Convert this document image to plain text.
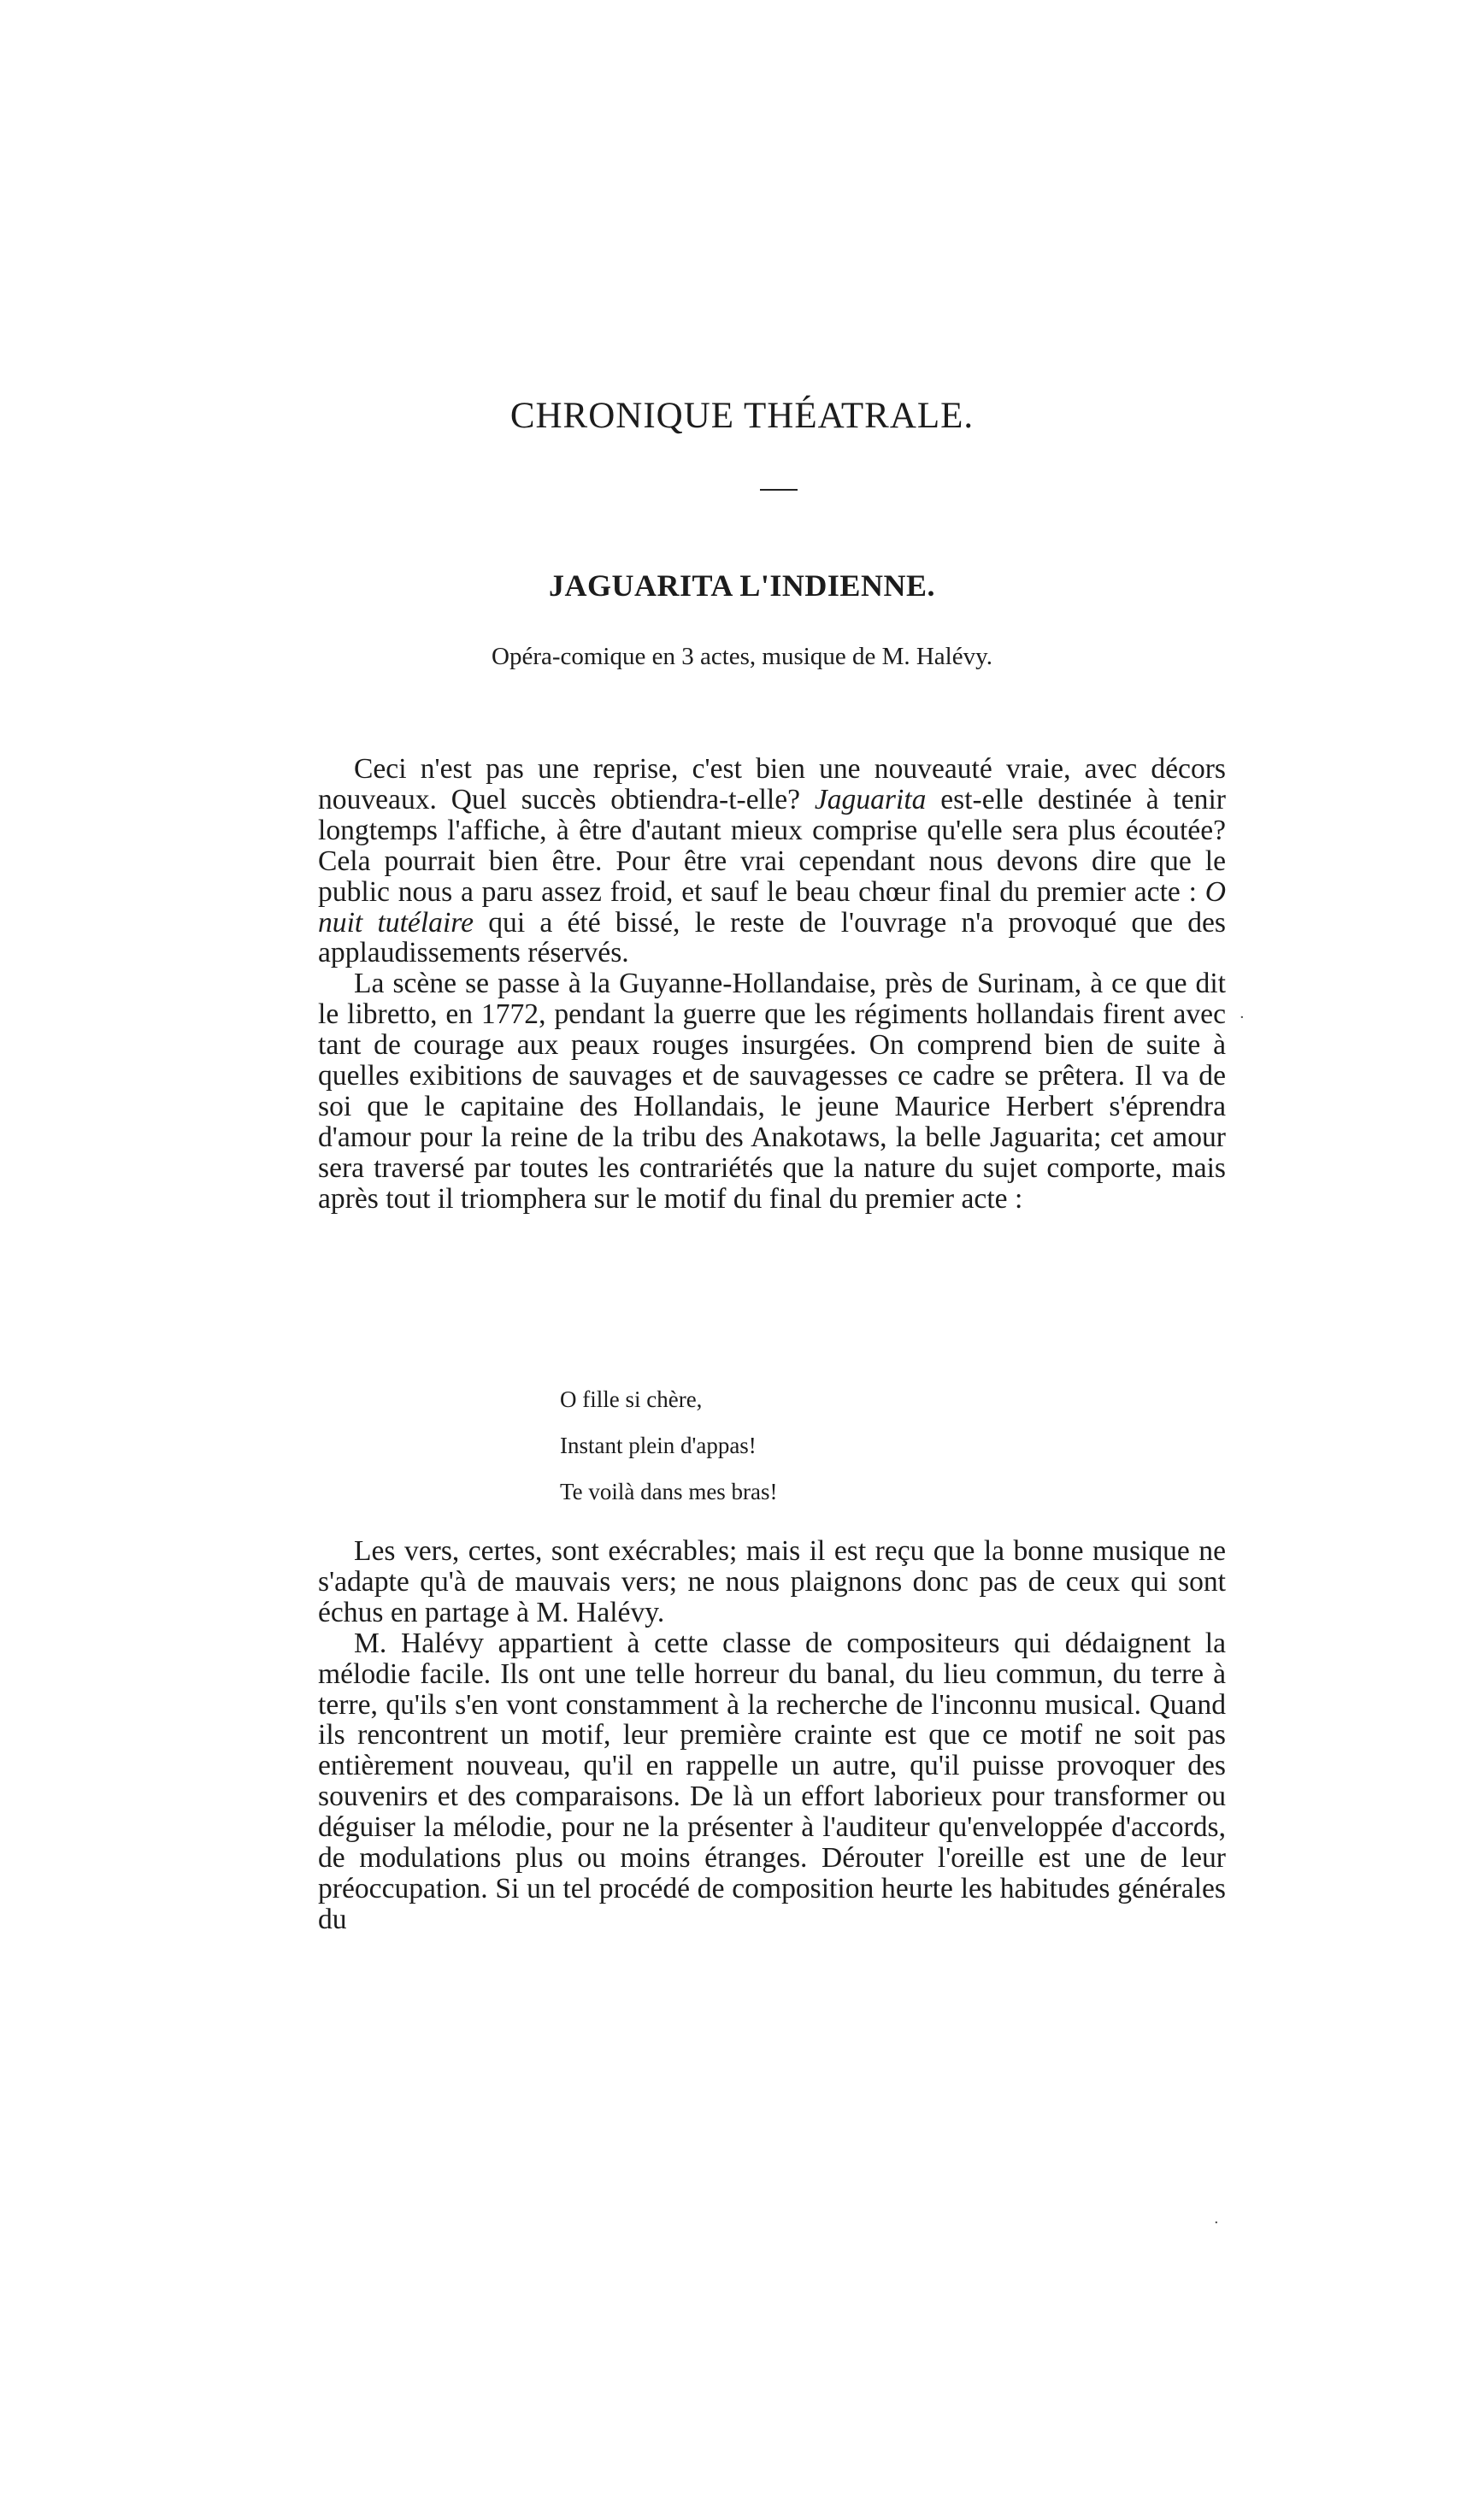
CHRONIQUE THÉATRALE.
JAGUARITA L'INDIENNE.
Opéra-comique en 3 actes, musique de M. Halévy.

Ceci n'est pas une reprise, c'est bien une nouveauté vraie, avec décors nouveaux. Quel succès obtiendra-t-elle? Jaguarita est-elle destinée à tenir longtemps l'affiche, à être d'autant mieux comprise qu'elle sera plus écoutée? Cela pourrait bien être. Pour être vrai cependant nous devons dire que le public nous a paru assez froid, et sauf le beau chœur final du premier acte : O nuit tutélaire qui a été bissé, le reste de l'ouvrage n'a provoqué que des applaudissements réservés.

La scène se passe à la Guyanne-Hollandaise, près de Surinam, à ce que dit le libretto, en 1772, pendant la guerre que les régiments hollandais firent avec tant de courage aux peaux rouges insurgées. On comprend bien de suite à quelles exibitions de sauvages et de sauvagesses ce cadre se prêtera. Il va de soi que le capitaine des Hollandais, le jeune Maurice Herbert s'éprendra d'amour pour la reine de la tribu des Anakotaws, la belle Jaguarita; cet amour sera traversé par toutes les contrariétés que la nature du sujet comporte, mais après tout il triomphera sur le motif du final du premier acte :

O fille si chère,
Instant plein d'appas!
Te voilà dans mes bras!

Les vers, certes, sont exécrables; mais il est reçu que la bonne musique ne s'adapte qu'à de mauvais vers; ne nous plaignons donc pas de ceux qui sont échus en partage à M. Halévy.

M. Halévy appartient à cette classe de compositeurs qui dédaignent la mélodie facile. Ils ont une telle horreur du banal, du lieu commun, du terre à terre, qu'ils s'en vont constamment à la recherche de l'inconnu musical. Quand ils rencontrent un motif, leur première crainte est que ce motif ne soit pas entièrement nouveau, qu'il en rappelle un autre, qu'il puisse provoquer des souvenirs et des comparaisons. De là un effort laborieux pour transformer ou déguiser la mélodie, pour ne la présenter à l'auditeur qu'enveloppée d'accords, de modulations plus ou moins étranges. Dérouter l'oreille est une de leur préoccupation. Si un tel procédé de composition heurte les habitudes générales du

·
·
